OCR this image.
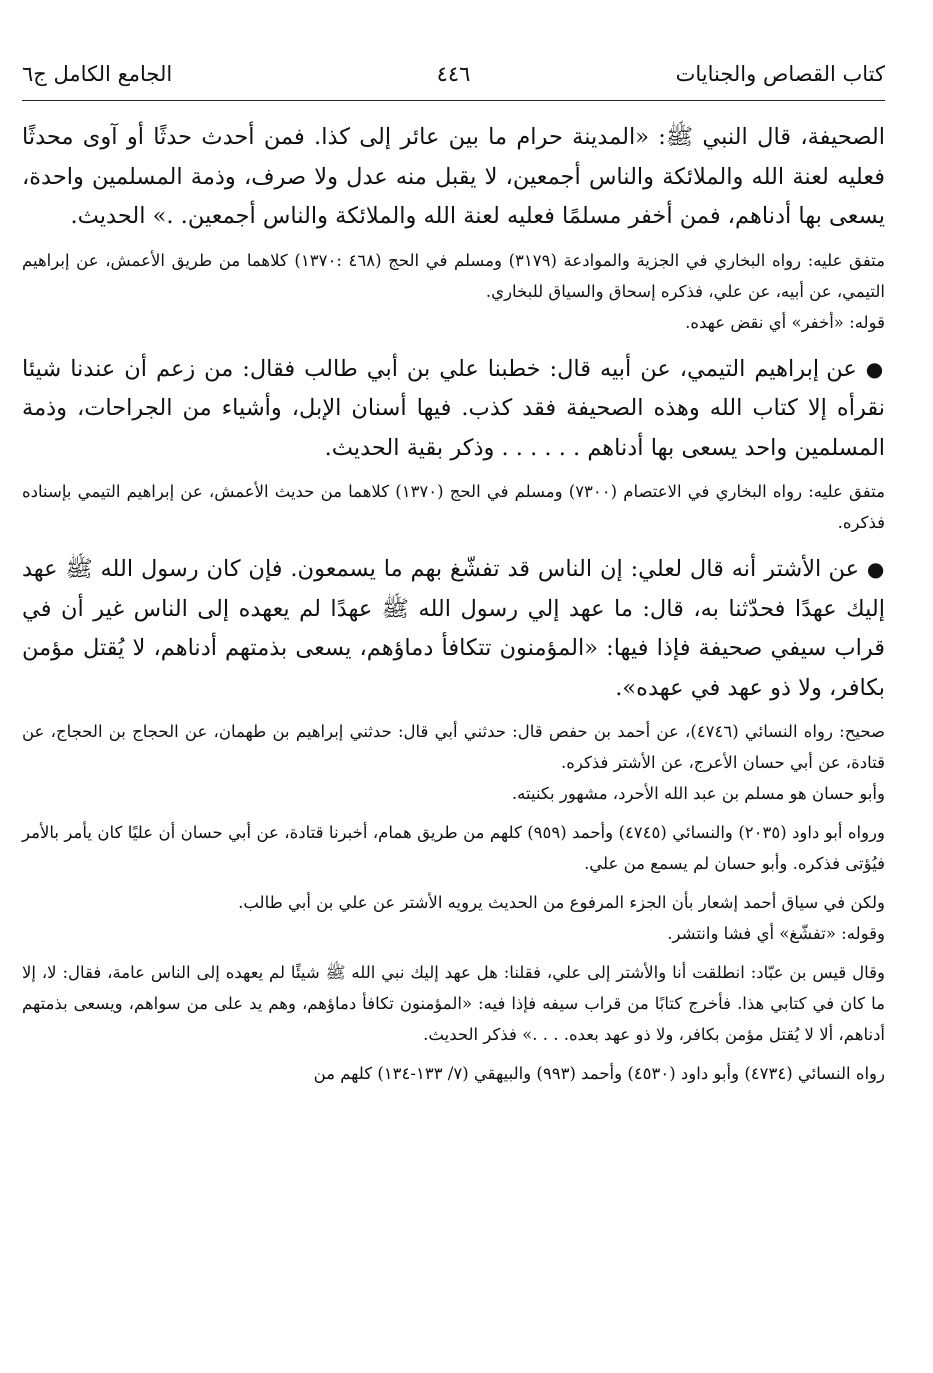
كتاب القصاص والجنايات
٤٤٦
الجامع الكامل ج٦

الصحيفة، قال النبي ﷺ: «المدينة حرام ما بين عائر إلى كذا. فمن أحدث حدثًا أو آوى محدثًا فعليه لعنة الله والملائكة والناس أجمعين، لا يقبل منه عدل ولا صرف، وذمة المسلمين واحدة، يسعى بها أدناهم، فمن أخفر مسلمًا فعليه لعنة الله والملائكة والناس أجمعين. .» الحديث.

متفق عليه: رواه البخاري في الجزية والموادعة (٣١٧٩) ومسلم في الحج (٤٦٨ :١٣٧٠) كلاهما من طريق الأعمش، عن إبراهيم التيمي، عن أبيه، عن علي، فذكره إسحاق والسياق للبخاري.

قوله: «أخفر» أي نقض عهده.

● عن إبراهيم التيمي، عن أبيه قال: خطبنا علي بن أبي طالب فقال: من زعم أن عندنا شيئا نقرأه إلا كتاب الله وهذه الصحيفة فقد كذب. فيها أسنان الإبل، وأشياء من الجراحات، وذمة المسلمين واحد يسعى بها أدناهم . . . . . . وذكر بقية الحديث.

متفق عليه: رواه البخاري في الاعتصام (٧٣٠٠) ومسلم في الحج (١٣٧٠) كلاهما من حديث الأعمش، عن إبراهيم التيمي بإسناده فذكره.

● عن الأشتر أنه قال لعلي: إن الناس قد تفشّغ بهم ما يسمعون. فإن كان رسول الله ﷺ عهد إليك عهدًا فحدّثنا به، قال: ما عهد إلي رسول الله ﷺ عهدًا لم يعهده إلى الناس غير أن في قراب سيفي صحيفة فإذا فيها: «المؤمنون تتكافأ دماؤهم، يسعى بذمتهم أدناهم، لا يُقتل مؤمن بكافر، ولا ذو عهد في عهده».

صحيح: رواه النسائي (٤٧٤٦)، عن أحمد بن حفص قال: حدثني أبي قال: حدثني إبراهيم بن طهمان، عن الحجاج بن الحجاج، عن قتادة، عن أبي حسان الأعرج، عن الأشتر فذكره.

وأبو حسان هو مسلم بن عبد الله الأحرد، مشهور بكنيته.

ورواه أبو داود (٢٠٣٥) والنسائي (٤٧٤٥) وأحمد (٩٥٩) كلهم من طريق همام، أخبرنا قتادة، عن أبي حسان أن عليًا كان يأمر بالأمر فيُؤتى فذكره. وأبو حسان لم يسمع من علي.

ولكن في سياق أحمد إشعار بأن الجزء المرفوع من الحديث يرويه الأشتر عن علي بن أبي طالب.

وقوله: «تفشّغ» أي فشا وانتشر.

وقال قيس بن عبّاد: انطلقت أنا والأشتر إلى علي، فقلنا: هل عهد إليك نبي الله ﷺ شيئًا لم يعهده إلى الناس عامة، فقال: لا، إلا ما كان في كتابي هذا. فأخرج كتابًا من قراب سيفه فإذا فيه: «المؤمنون تكافأ دماؤهم، وهم يد على من سواهم، ويسعى بذمتهم أدناهم، ألا لا يُقتل مؤمن بكافر، ولا ذو عهد بعده. . . .» فذكر الحديث.

رواه النسائي (٤٧٣٤) وأبو داود (٤٥٣٠) وأحمد (٩٩٣) والبيهقي (٧/ ١٣٣-١٣٤) كلهم من
